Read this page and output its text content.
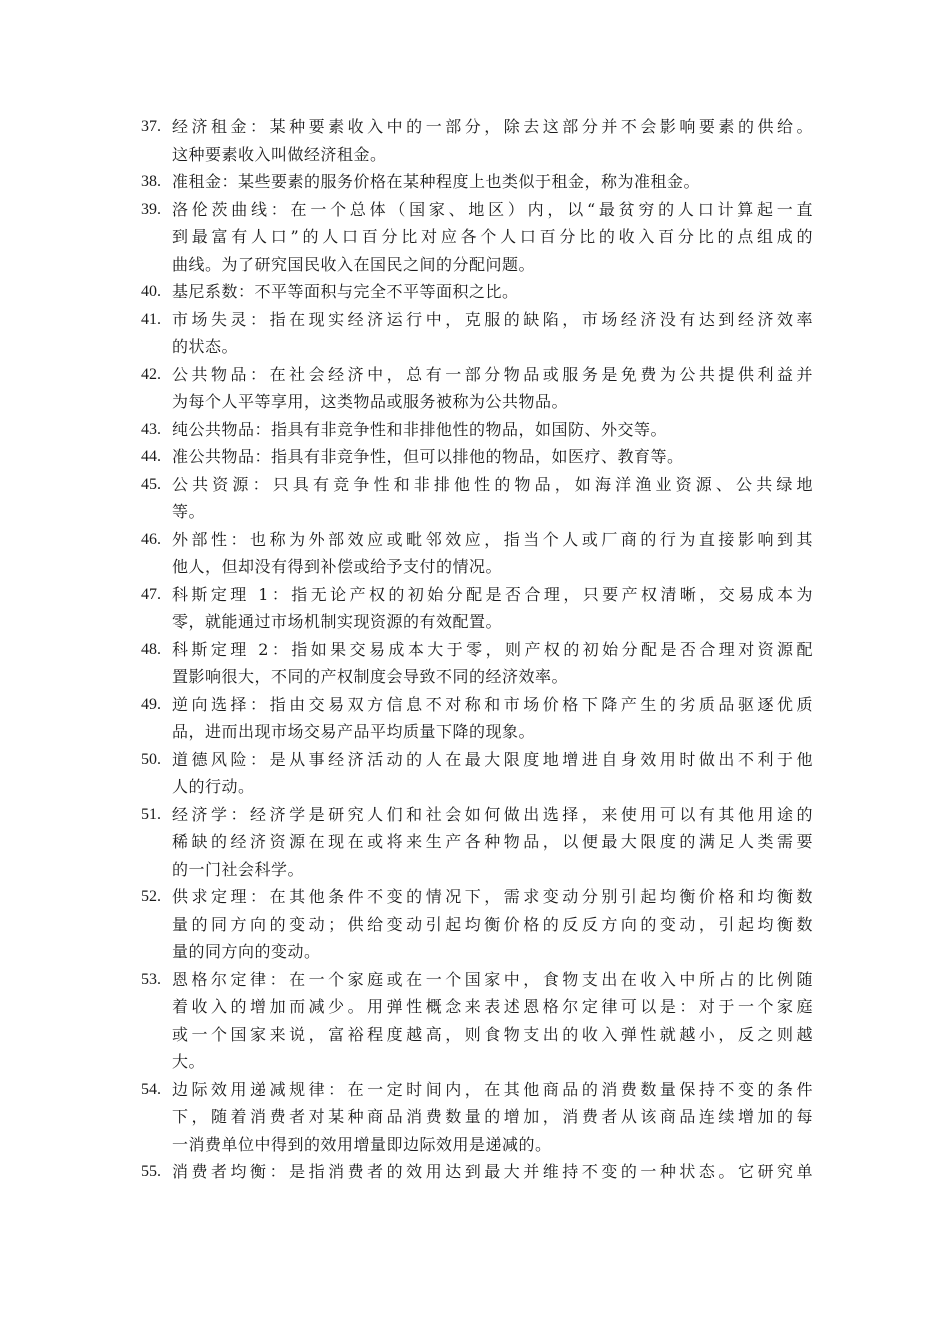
37. 经济租金：某种要素收入中的一部分，除去这部分并不会影响要素的供给。
这种要素收入叫做经济租金。
38. 准租金：某些要素的服务价格在某种程度上也类似于租金，称为准租金。
39. 洛伦茨曲线：在一个总体（国家、地区）内，以“最贫穷的人口计算起一直
到最富有人口”的人口百分比对应各个人口百分比的收入百分比的点组成的
曲线。为了研究国民收入在国民之间的分配问题。
40. 基尼系数：不平等面积与完全不平等面积之比。
41. 市场失灵：指在现实经济运行中，克服的缺陷，市场经济没有达到经济效率
的状态。
42. 公共物品：在社会经济中，总有一部分物品或服务是免费为公共提供利益并
为每个人平等享用，这类物品或服务被称为公共物品。
43. 纯公共物品：指具有非竞争性和非排他性的物品，如国防、外交等。
44. 准公共物品：指具有非竞争性，但可以排他的物品，如医疗、教育等。
45. 公共资源：只具有竞争性和非排他性的物品，如海洋渔业资源、公共绿地
等。
46. 外部性：也称为外部效应或毗邻效应，指当个人或厂商的行为直接影响到其
他人，但却没有得到补偿或给予支付的情况。
47. 科斯定理 1：指无论产权的初始分配是否合理，只要产权清晰，交易成本为
零，就能通过市场机制实现资源的有效配置。
48. 科斯定理 2：指如果交易成本大于零，则产权的初始分配是否合理对资源配
置影响很大，不同的产权制度会导致不同的经济效率。
49. 逆向选择：指由交易双方信息不对称和市场价格下降产生的劣质品驱逐优质
品，进而出现市场交易产品平均质量下降的现象。
50. 道德风险：是从事经济活动的人在最大限度地增进自身效用时做出不利于他
人的行动。
51. 经济学：经济学是研究人们和社会如何做出选择，来使用可以有其他用途的
稀缺的经济资源在现在或将来生产各种物品，以便最大限度的满足人类需要
的一门社会科学。
52. 供求定理：在其他条件不变的情况下，需求变动分别引起均衡价格和均衡数
量的同方向的变动；供给变动引起均衡价格的反反方向的变动，引起均衡数
量的同方向的变动。
53. 恩格尔定律：在一个家庭或在一个国家中，食物支出在收入中所占的比例随
着收入的增加而减少。用弹性概念来表述恩格尔定律可以是：对于一个家庭
或一个国家来说，富裕程度越高，则食物支出的收入弹性就越小，反之则越
大。
54. 边际效用递减规律：在一定时间内，在其他商品的消费数量保持不变的条件
下，随着消费者对某种商品消费数量的增加，消费者从该商品连续增加的每
一消费单位中得到的效用增量即边际效用是递减的。
55. 消费者均衡：是指消费者的效用达到最大并维持不变的一种状态。它研究单
